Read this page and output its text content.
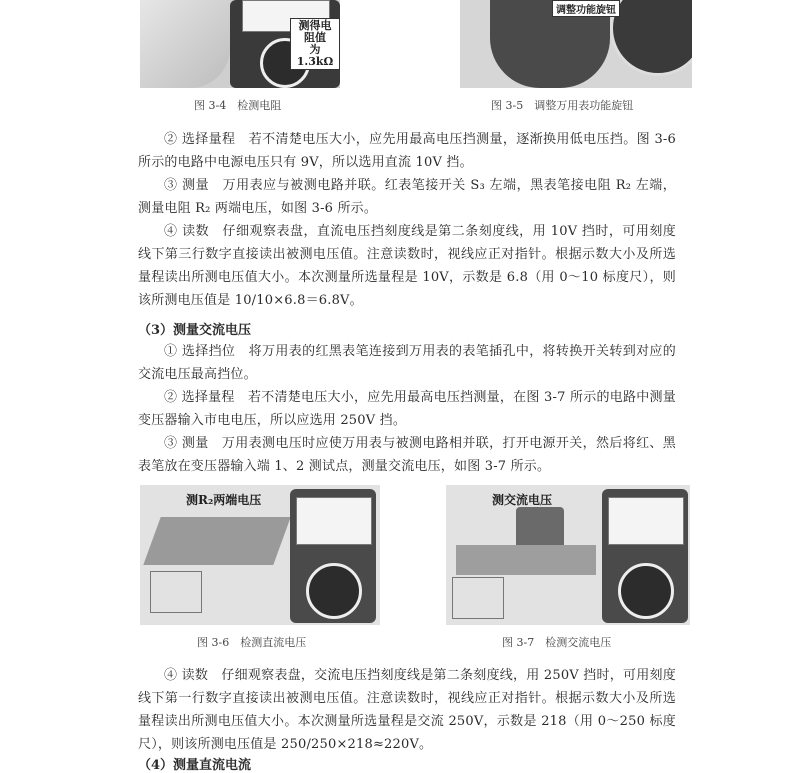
测得电阻值
为1.3kΩ
图 3-4　检测电阻
调整功能旋钮
图 3-5　调整万用表功能旋钮

② 选择量程　若不清楚电压大小，应先用最高电压挡测量，逐渐换用低电压挡。图 3-6 所示的电路中电源电压只有 9V，所以选用直流 10V 挡。

③ 测量　万用表应与被测电路并联。红表笔接开关 S₃ 左端，黑表笔接电阻 R₂ 左端，测量电阻 R₂ 两端电压，如图 3-6 所示。

④ 读数　仔细观察表盘，直流电压挡刻度线是第二条刻度线，用 10V 挡时，可用刻度线下第三行数字直接读出被测电压值。注意读数时，视线应正对指针。根据示数大小及所选量程读出所测电压值大小。本次测量所选量程是 10V，示数是 6.8（用 0～10 标度尺），则该所测电压值是 10/10×6.8＝6.8V。

（3）测量交流电压

① 选择挡位　将万用表的红黑表笔连接到万用表的表笔插孔中，将转换开关转到对应的交流电压最高挡位。

② 选择量程　若不清楚电压大小，应先用最高电压挡测量，在图 3-7 所示的电路中测量变压器输入市电电压，所以应选用 250V 挡。

③ 测量　万用表测电压时应使万用表与被测电路相并联，打开电源开关，然后将红、黑表笔放在变压器输入端 1、2 测试点，测量交流电压，如图 3-7 所示。

测R₂两端电压
图 3-6　检测直流电压
测交流电压
图 3-7　检测交流电压

④ 读数　仔细观察表盘，交流电压挡刻度线是第二条刻度线，用 250V 挡时，可用刻度线下第一行数字直接读出被测电压值。注意读数时，视线应正对指针。根据示数大小及所选量程读出所测电压值大小。本次测量所选量程是交流 250V，示数是 218（用 0～250 标度尺），则该所测电压值是 250/250×218≈220V。

（4）测量直流电流
